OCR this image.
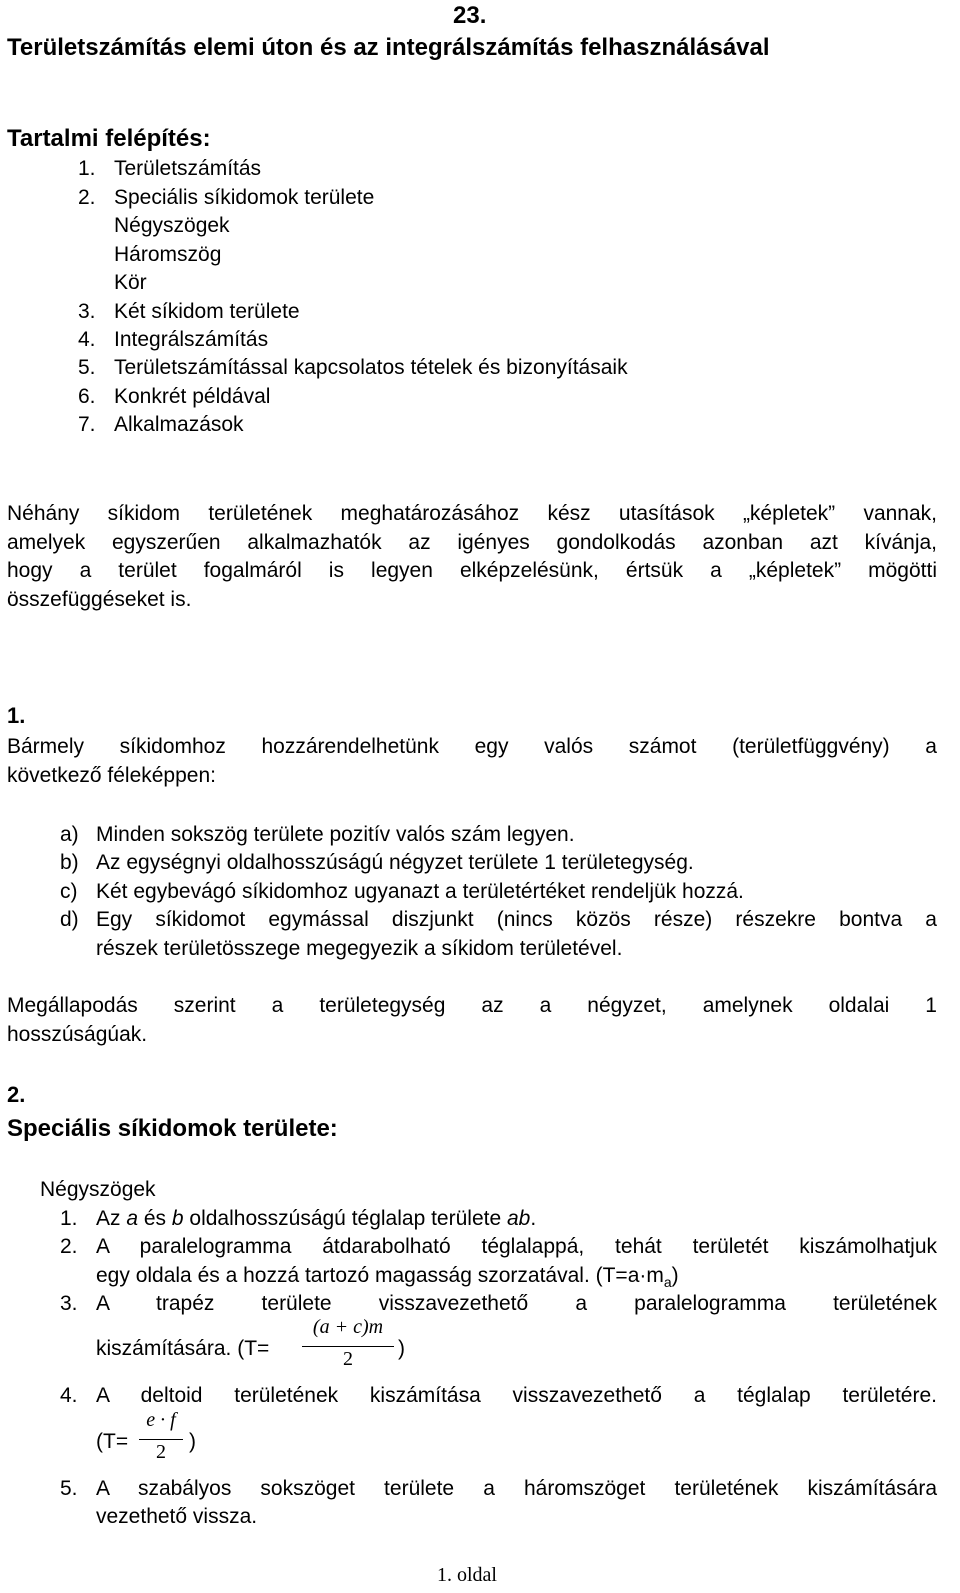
23.
Területszámítás elemi úton és az integrálszámítás felhasználásával
Tartalmi felépítés:
1. Területszámítás
2. Speciális síkidomok területe
Négyszögek
Háromszög
Kör
3. Két síkidom területe
4. Integrálszámítás
5. Területszámítással kapcsolatos tételek és bizonyításaik
6. Konkrét példával
7. Alkalmazások
Néhány síkidom területének meghatározásához kész utasítások „képletek” vannak,
amelyek egyszerűen alkalmazhatók az igényes gondolkodás azonban azt kívánja,
hogy a terület fogalmáról is legyen elképzelésünk, értsük a „képletek” mögötti
összefüggéseket is.
1.
Bármely síkidomhoz hozzárendelhetünk egy valós számot (területfüggvény) a
következő féleképpen:
a) Minden sokszög területe pozitív valós szám legyen.
b) Az egységnyi oldalhosszúságú négyzet területe 1 területegység.
c) Két egybevágó síkidomhoz ugyanazt a területértéket rendeljük hozzá.
d) Egy síkidomot egymással diszjunkt (nincs közös része) részekre bontva a
részek területösszege megegyezik a síkidom területével.
Megállapodás szerint a területegység az a négyzet, amelynek oldalai 1
hosszúságúak.
2.
Speciális síkidomok területe:
Négyszögek
1. Az a és b oldalhosszúságú téglalap területe ab.
2. A paralelogramma átdarabolható téglalappá, tehát területét kiszámolhatjuk
egy oldala és a hozzá tartozó magasság szorzatával. $(T=a\cdot m_a)$
3. A trapéz területe visszavezethető a paralelogramma területének
kiszámítására. (T=
(a + c)m
2	)
4. A deltoid területének kiszámítása visszavezethető a téglalap területére.
(T=
e · f
2	)
5. A szabályos sokszöget területe a háromszöget területének kiszámítására
vezethető vissza.
1. oldal
